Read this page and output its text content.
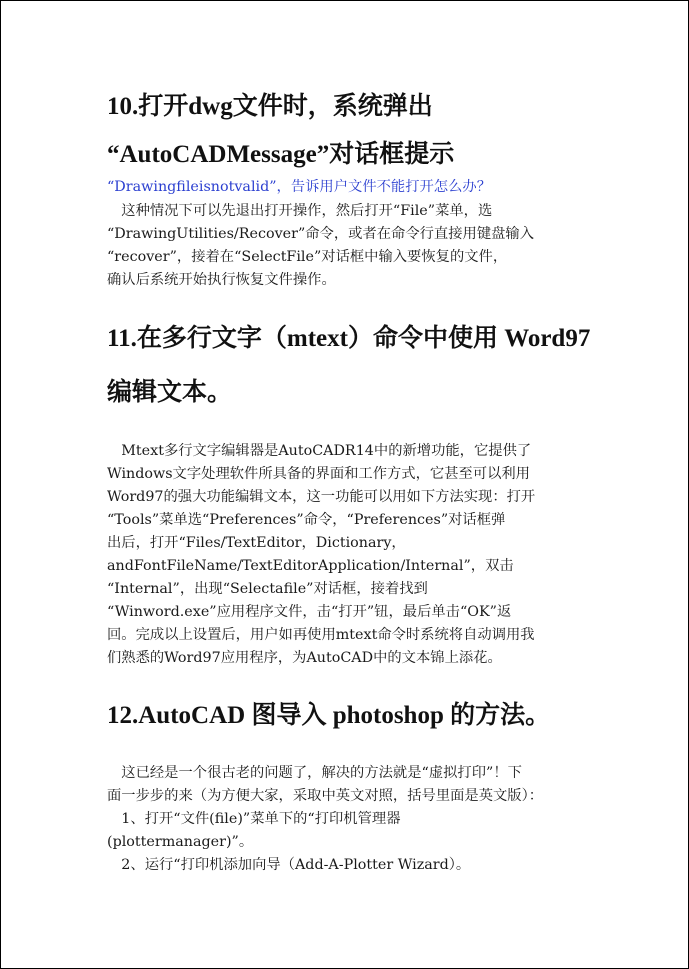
10.打开dwg文件时，系统弹出
“AutoCADMessage”对话框提示

“Drawingfileisnotvalid”，告诉用户文件不能打开怎么办？

　这种情况下可以先退出打开操作，然后打开“File”菜单，选

“DrawingUtilities/Recover”命令，或者在命令行直接用键盘输入

“recover”，接着在“SelectFile”对话框中输入要恢复的文件，

确认后系统开始执行恢复文件操作。

11.在多行文字（mtext）命令中使用 Word97
编辑文本。

　Mtext多行文字编辑器是AutoCADR14中的新增功能，它提供了

Windows文字处理软件所具备的界面和工作方式，它甚至可以利用

Word97的强大功能编辑文本，这一功能可以用如下方法实现：打开

“Tools”菜单选“Preferences”命令，“Preferences”对话框弹

出后，打开“Files/TextEditor，Dictionary，

andFontFileName/TextEditorApplication/Internal”，双击

“Internal”，出现“Selectafile”对话框，接着找到

“Winword.exe”应用程序文件，击“打开”钮，最后单击“OK”返

回。完成以上设置后，用户如再使用mtext命令时系统将自动调用我

们熟悉的Word97应用程序，为AutoCAD中的文本锦上添花。

12.AutoCAD 图导入 photoshop 的方法。

　这已经是一个很古老的问题了，解决的方法就是“虚拟打印”！下

面一步步的来（为方便大家，采取中英文对照，括号里面是英文版）：

　1、打开“文件(file)”菜单下的“打印机管理器

(plottermanager)”。

　2、运行“打印机添加向导（Add-A-Plotter Wizard）。
